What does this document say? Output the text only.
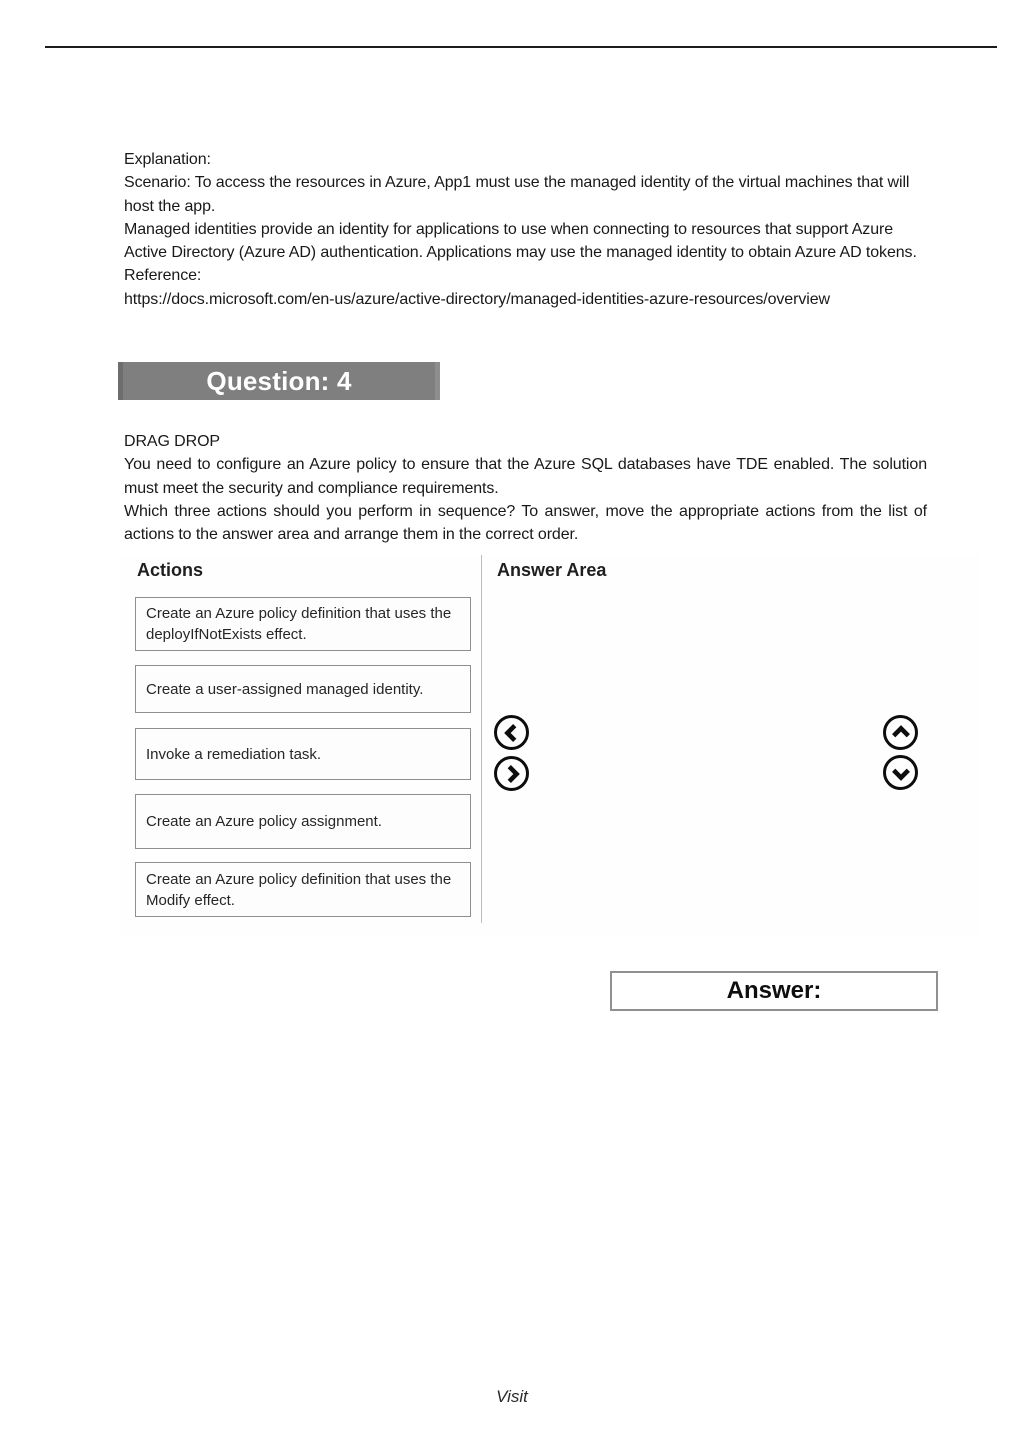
Explanation:

Scenario: To access the resources in Azure, App1 must use the managed identity of the virtual machines that will host the app.

Managed identities provide an identity for applications to use when connecting to resources that support Azure Active Directory (Azure AD) authentication. Applications may use the managed identity to obtain Azure AD tokens.

Reference:

https://docs.microsoft.com/en-us/azure/active-directory/managed-identities-azure-resources/overview

Question: 4

DRAG DROP

You need to configure an Azure policy to ensure that the Azure SQL databases have TDE enabled. The solution must meet the security and compliance requirements.

Which three actions should you perform in sequence? To answer, move the appropriate actions from the list of actions to the answer area and arrange them in the correct order.

Actions	Answer Area
Create an Azure policy definition that uses the deployIfNotExists effect.
Create a user-assigned managed identity.
Invoke a remediation task.
Create an Azure policy assignment.
Create an Azure policy definition that uses the Modify effect.
Answer:
Visit
